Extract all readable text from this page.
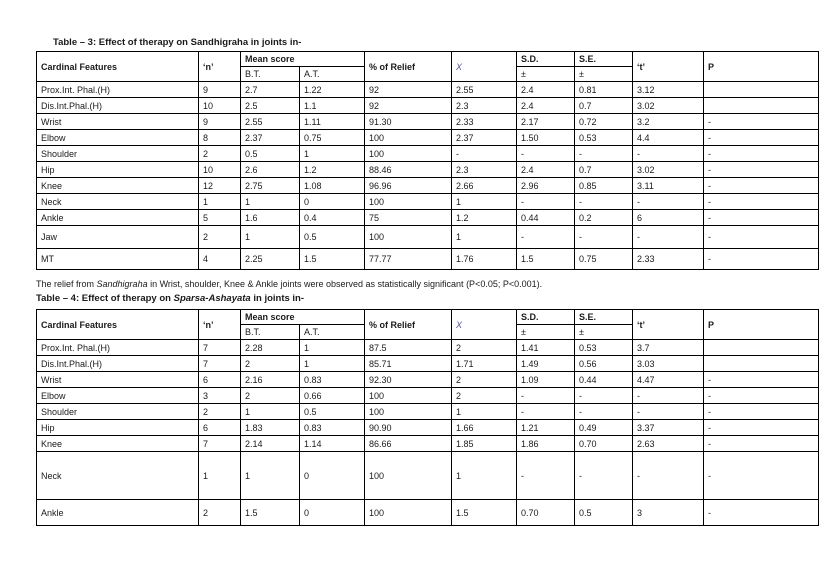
Table – 3: Effect of therapy on Sandhigraha in joints in-
Cardinal Features	‘n’	Mean score		% of Relief	X	S.D.	S.E.	‘t’	P
		B.T.	A.T.			±	±		
Prox.Int. Phal.(H)	9	2.7	1.22	92	2.55	2.4	0.81	3.12	
Dis.Int.Phal.(H)	10	2.5	1.1	92	2.3	2.4	0.7	3.02	
Wrist	9	2.55	1.11	91.30	2.33	2.17	0.72	3.2	-
Elbow	8	2.37	0.75	100	2.37	1.50	0.53	4.4	-
Shoulder	2	0.5	1	100	-	-	-	-	-
Hip	10	2.6	1.2	88.46	2.3	2.4	0.7	3.02	-
Knee	12	2.75	1.08	96.96	2.66	2.96	0.85	3.11	-
Neck	1	1	0	100	1	-	-	-	-
Ankle	5	1.6	0.4	75	1.2	0.44	0.2	6	-
Jaw	2	1	0.5	100	1	-	-	-	-
MT	4	2.25	1.5	77.77	1.76	1.5	0.75	2.33	-
The relief from Sandhigraha in Wrist, shoulder, Knee & Ankle joints were observed as statistically significant (P<0.05; P<0.001).
Table – 4: Effect of therapy on Sparsa-Ashayata in joints in-
Cardinal Features	‘n’	Mean score		% of Relief	X	S.D.	S.E.	‘t’	P
		B.T.	A.T.			±	±		
Prox.Int. Phal.(H)	7	2.28	1	87.5	2	1.41	0.53	3.7	
Dis.Int.Phal.(H)	7	2	1	85.71	1.71	1.49	0.56	3.03	
Wrist	6	2.16	0.83	92.30	2	1.09	0.44	4.47	-
Elbow	3	2	0.66	100	2	-	-	-	-
Shoulder	2	1	0.5	100	1	-	-	-	-
Hip	6	1.83	0.83	90.90	1.66	1.21	0.49	3.37	-
Knee	7	2.14	1.14	86.66	1.85	1.86	0.70	2.63	-
Neck	1	1	0	100	1	-	-	-	-
Ankle	2	1.5	0	100	1.5	0.70	0.5	3	-
